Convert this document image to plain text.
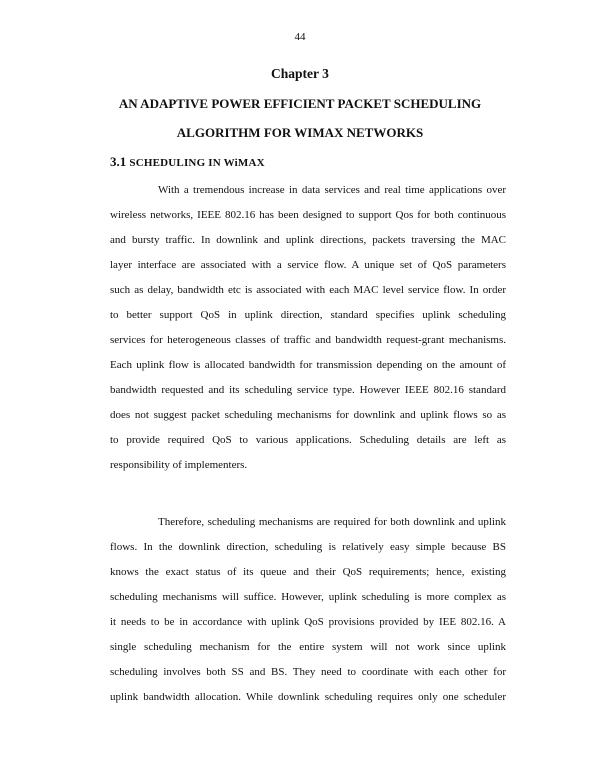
44
Chapter 3
AN ADAPTIVE POWER EFFICIENT PACKET SCHEDULING
ALGORITHM FOR WIMAX NETWORKS
3.1 SCHEDULING IN WiMAX
With a tremendous increase in data services and real time applications over
wireless networks, IEEE 802.16 has been designed to support Qos for both continuous
and bursty traffic. In downlink and uplink directions, packets traversing the MAC
layer interface are associated with a service flow. A unique set of QoS parameters
such as delay, bandwidth etc is associated with each MAC level service flow. In order
to better support QoS in uplink direction, standard specifies uplink scheduling
services for heterogeneous classes of traffic and bandwidth request-grant mechanisms.
Each uplink flow is allocated bandwidth for transmission depending on the amount of
bandwidth requested and its scheduling service type. However IEEE 802.16 standard
does not suggest packet scheduling mechanisms for downlink and uplink flows so as
to provide required QoS to various applications. Scheduling details are left as
responsibility of implementers.
Therefore, scheduling mechanisms are required for both downlink and uplink
flows. In the downlink direction, scheduling is relatively easy simple because BS
knows the exact status of its queue and their QoS requirements; hence, existing
scheduling mechanisms will suffice. However, uplink scheduling is more complex as
it needs to be in accordance with uplink QoS provisions provided by IEE 802.16. A
single scheduling mechanism for the entire system will not work since uplink
scheduling involves both SS and BS. They need to coordinate with each other for
uplink bandwidth allocation. While downlink scheduling requires only one scheduler
